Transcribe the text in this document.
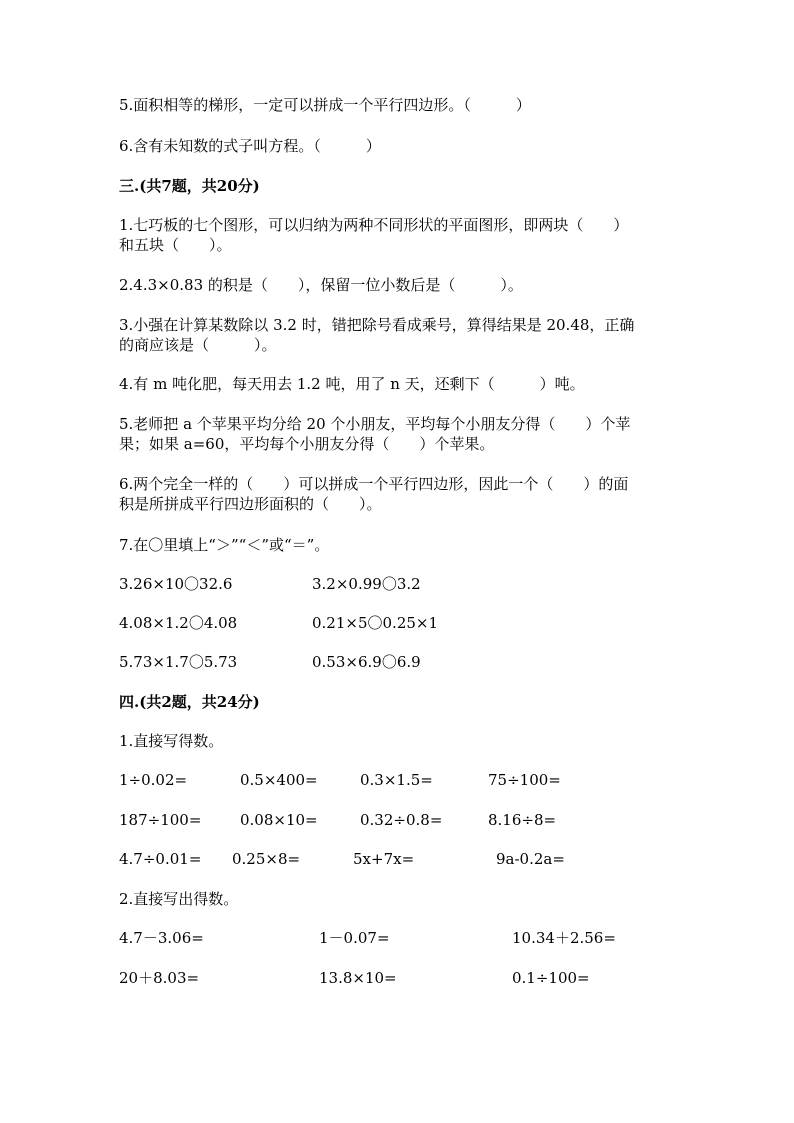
5.面积相等的梯形，一定可以拼成一个平行四边形。（　　　）
6.含有未知数的式子叫方程。（　　　）
三.(共7题，共20分)
1.七巧板的七个图形，可以归纳为两种不同形状的平面图形，即两块（　　）
和五块（　　）。
2.4.3×0.83 的积是（　　），保留一位小数后是（　　　）。
3.小强在计算某数除以 3.2 时，错把除号看成乘号，算得结果是 20.48，正确
的商应该是（　　　）。
4.有 m 吨化肥，每天用去 1.2 吨，用了 n 天，还剩下（　　　）吨。
5.老师把 a 个苹果平均分给 20 个小朋友，平均每个小朋友分得（　　）个苹
果；如果 a=60，平均每个小朋友分得（　　）个苹果。
6.两个完全一样的（　　）可以拼成一个平行四边形，因此一个（　　）的面
积是所拼成平行四边形面积的（　　）。
7.在〇里填上“＞”“＜”或“＝”。
3.26×10〇32.6	3.2×0.99〇3.2
4.08×1.2〇4.08	0.21×5〇0.25×1
5.73×1.7〇5.73	0.53×6.9〇6.9
四.(共2题，共24分)
1.直接写得数。
1÷0.02=	0.5×400=	0.3×1.5=	75÷100=
187÷100=	0.08×10=	0.32÷0.8=	8.16÷8=
4.7÷0.01= 0.25×8=	5x+7x=	9a-0.2a=
2.直接写出得数。
4.7－3.06=	1－0.07=	10.34＋2.56=
20＋8.03=	13.8×10=	0.1÷100=
